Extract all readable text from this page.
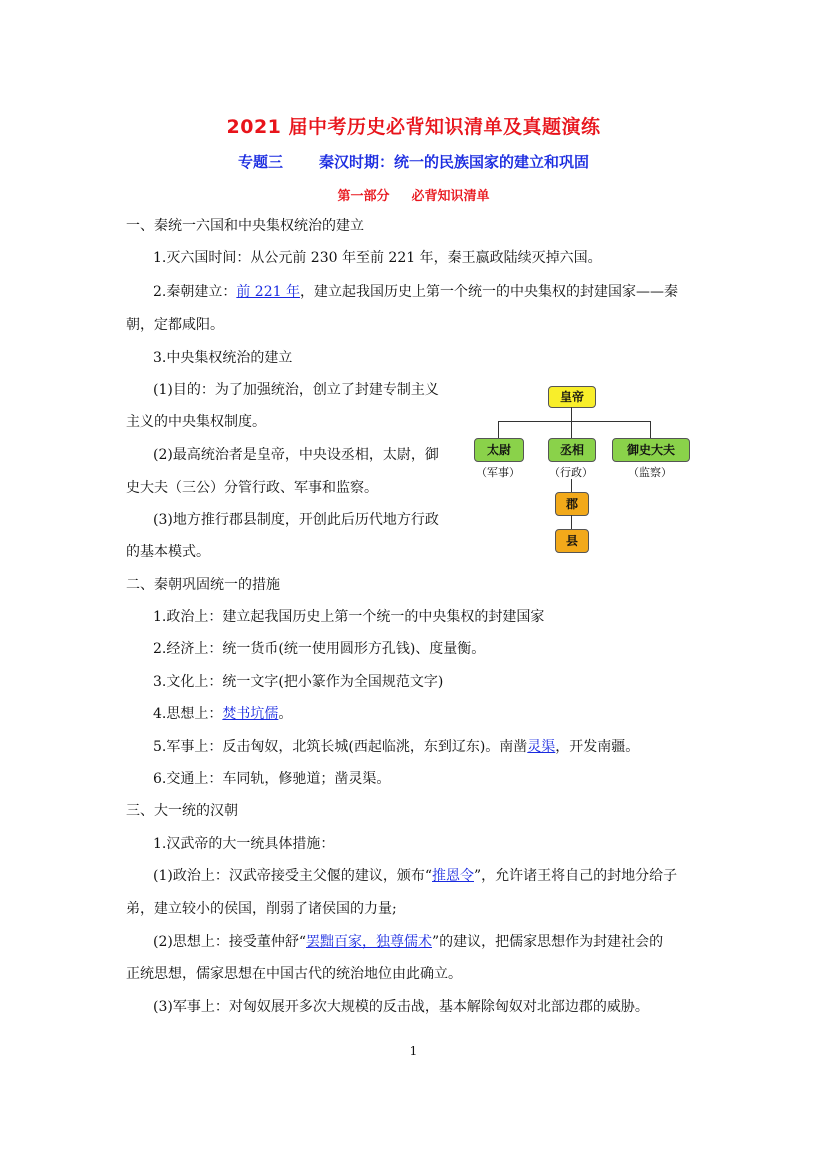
2021 届中考历史必背知识清单及真题演练
专题三 秦汉时期：统一的民族国家的建立和巩固
第一部分 必背知识清单
一、秦统一六国和中央集权统治的建立
1.灭六国时间：从公元前 230 年至前 221 年，秦王嬴政陆续灭掉六国。
2.秦朝建立：前 221 年，建立起我国历史上第一个统一的中央集权的封建国家——秦
朝，定都咸阳。
3.中央集权统治的建立
(1)目的：为了加强统治，创立了封建专制主义
主义的中央集权制度。
(2)最高统治者是皇帝，中央设丞相，太尉，御
史大夫（三公）分管行政、军事和监察。
(3)地方推行郡县制度，开创此后历代地方行政
的基本模式。
皇帝
太尉	丞相	御史大夫
（军事）	（行政）	（监察）
郡
县
二、秦朝巩固统一的措施
1.政治上：建立起我国历史上第一个统一的中央集权的封建国家
2.经济上：统一货币(统一使用圆形方孔钱)、度量衡。
3.文化上：统一文字(把小篆作为全国规范文字)
4.思想上：焚书坑儒。
5.军事上：反击匈奴，北筑长城(西起临洮，东到辽东)。南凿灵渠，开发南疆。
6.交通上：车同轨，修驰道；凿灵渠。
三、大一统的汉朝
1.汉武帝的大一统具体措施：
(1)政治上：汉武帝接受主父偃的建议，颁布“推恩令”，允许诸王将自己的封地分给子
弟，建立较小的侯国，削弱了诸侯国的力量;
(2)思想上：接受董仲舒“罢黜百家，独尊儒术”的建议，把儒家思想作为封建社会的
正统思想，儒家思想在中国古代的统治地位由此确立。
(3)军事上：对匈奴展开多次大规模的反击战，基本解除匈奴对北部边郡的威胁。
1
